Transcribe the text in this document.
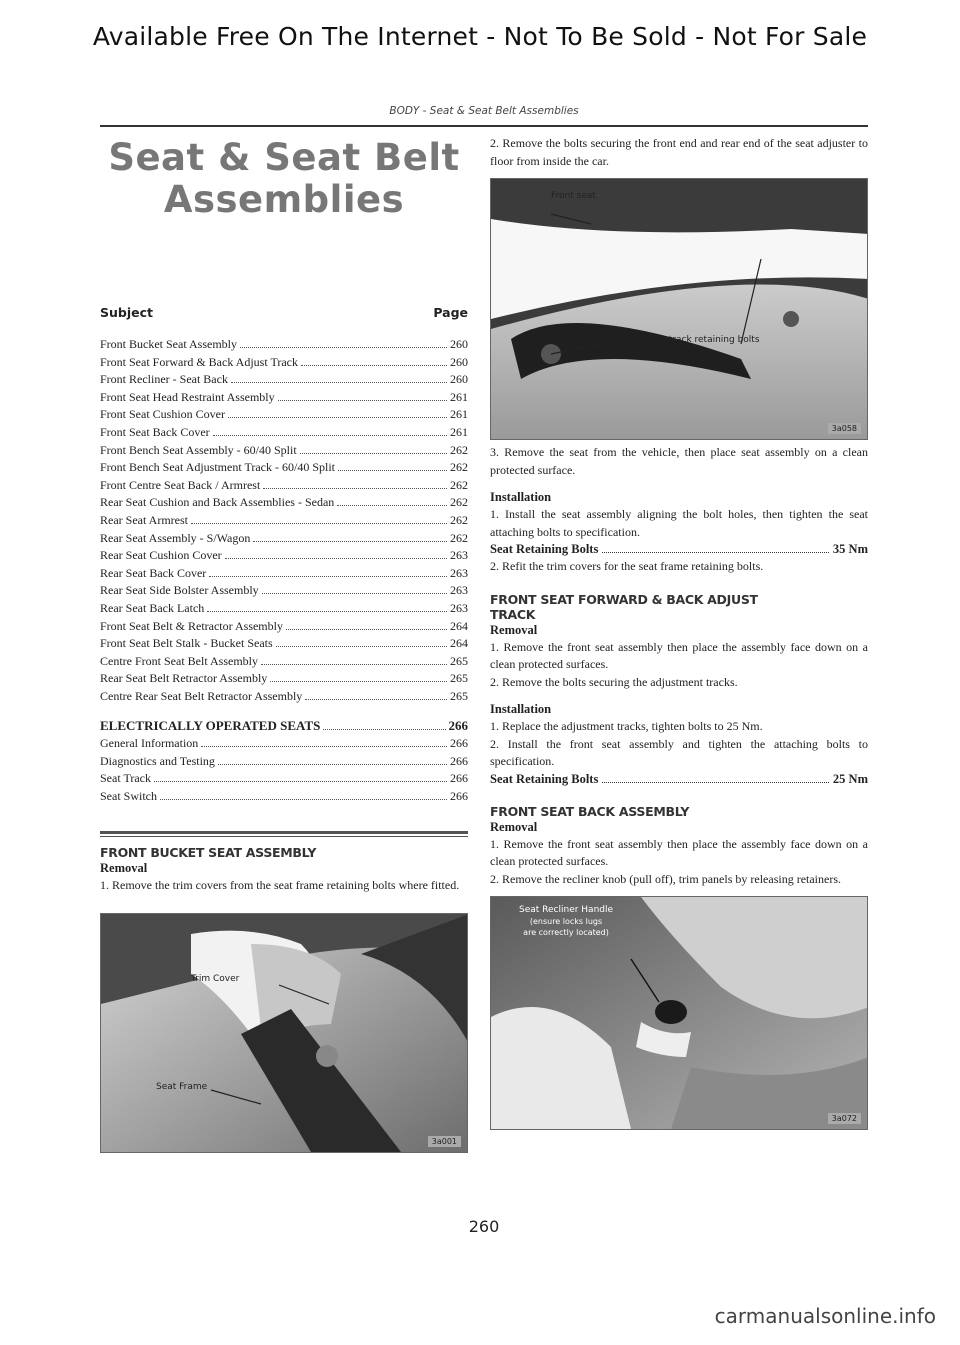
Available Free On The Internet - Not To Be Sold - Not For Sale
BODY - Seat & Seat Belt Assemblies
Seat & Seat Belt
Assemblies
Subject	Page
Front Bucket Seat Assembly	260
Front Seat Forward & Back Adjust Track	260
Front Recliner - Seat Back	260
Front Seat Head Restraint Assembly	261
Front Seat Cushion Cover	261
Front Seat Back Cover	261
Front Bench Seat Assembly - 60/40 Split	262
Front Bench Seat Adjustment Track - 60/40 Split	262
Front Centre Seat Back / Armrest	262
Rear Seat Cushion and Back Assemblies - Sedan	262
Rear Seat Armrest	262
Rear Seat Assembly - S/Wagon	262
Rear Seat Cushion Cover	263
Rear Seat Back Cover	263
Rear Seat Side Bolster Assembly	263
Rear Seat Back Latch	263
Front Seat Belt & Retractor Assembly	264
Front Seat Belt Stalk - Bucket Seats	264
Centre Front Seat Belt Assembly	265
Rear Seat Belt Retractor Assembly	265
Centre Rear Seat Belt Retractor Assembly	265
ELECTRICALLY OPERATED SEATS	266
General Information	266
Diagnostics and Testing	266
Seat Track	266
Seat Switch	266
FRONT BUCKET SEAT ASSEMBLY
Removal

1. Remove the trim covers from the seat frame retaining bolts where fitted.

Trim Cover
Seat Frame
3a001

2. Remove the bolts securing the front end and rear end of the seat adjuster to floor from inside the car.

Front seat
Front seat track retaining bolts
3a058

3. Remove the seat from the vehicle, then place seat assembly on a clean protected surface.

Installation

1. Install the seat assembly aligning the bolt holes, then tighten the seat attaching bolts to specification.

Seat Retaining Bolts	35 Nm

2. Refit the trim covers for the seat frame retaining bolts.

FRONT SEAT FORWARD & BACK ADJUST
TRACK
Removal

1. Remove the front seat assembly then place the assembly face down on a clean protected surfaces.

2. Remove the bolts securing the adjustment tracks.

Installation

1. Replace the adjustment tracks, tighten bolts to 25 Nm.

2. Install the front seat assembly and tighten the attaching bolts to specification.

Seat Retaining Bolts	25 Nm
FRONT SEAT BACK ASSEMBLY
Removal

1. Remove the front seat assembly then place the assembly face down on a clean protected surfaces.

2. Remove the recliner knob (pull off), trim panels by releasing retainers.

Seat Recliner Handle
(ensure locks lugs
are correctly located)
3a072
260
carmanualsonline.info
